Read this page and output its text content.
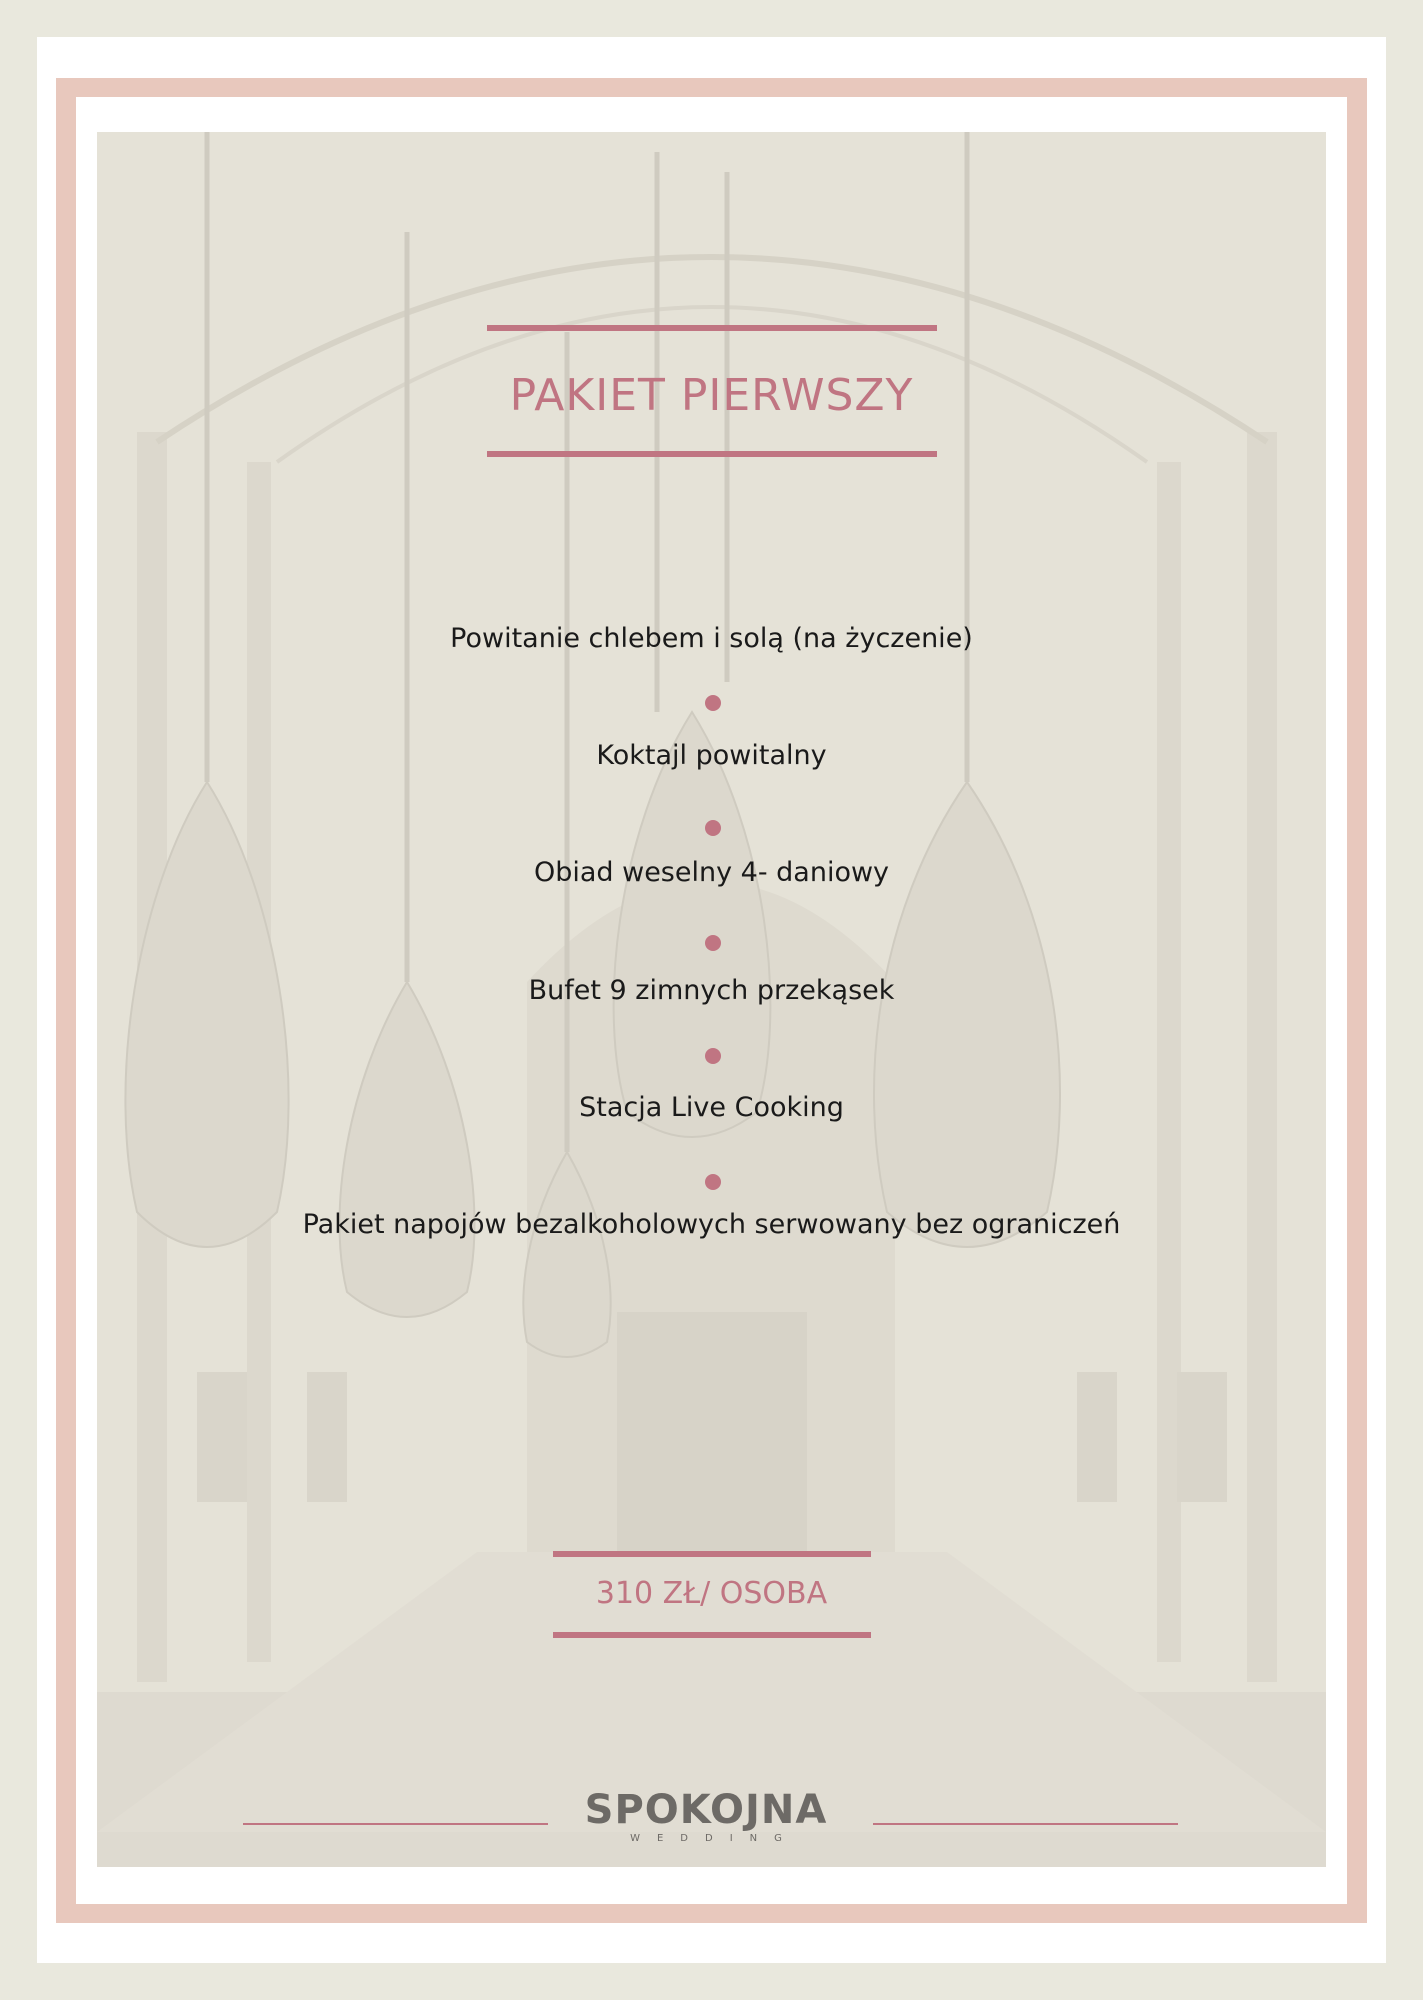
PAKIET PIERWSZY
Powitanie chlebem i solą (na życzenie)
Koktajl powitalny
Obiad weselny 4- daniowy
Bufet 9 zimnych przekąsek
Stacja Live Cooking
Pakiet napojów bezalkoholowych serwowany bez ograniczeń
310 ZŁ/ OSOBA
SPOKOJNA
WEDDING
